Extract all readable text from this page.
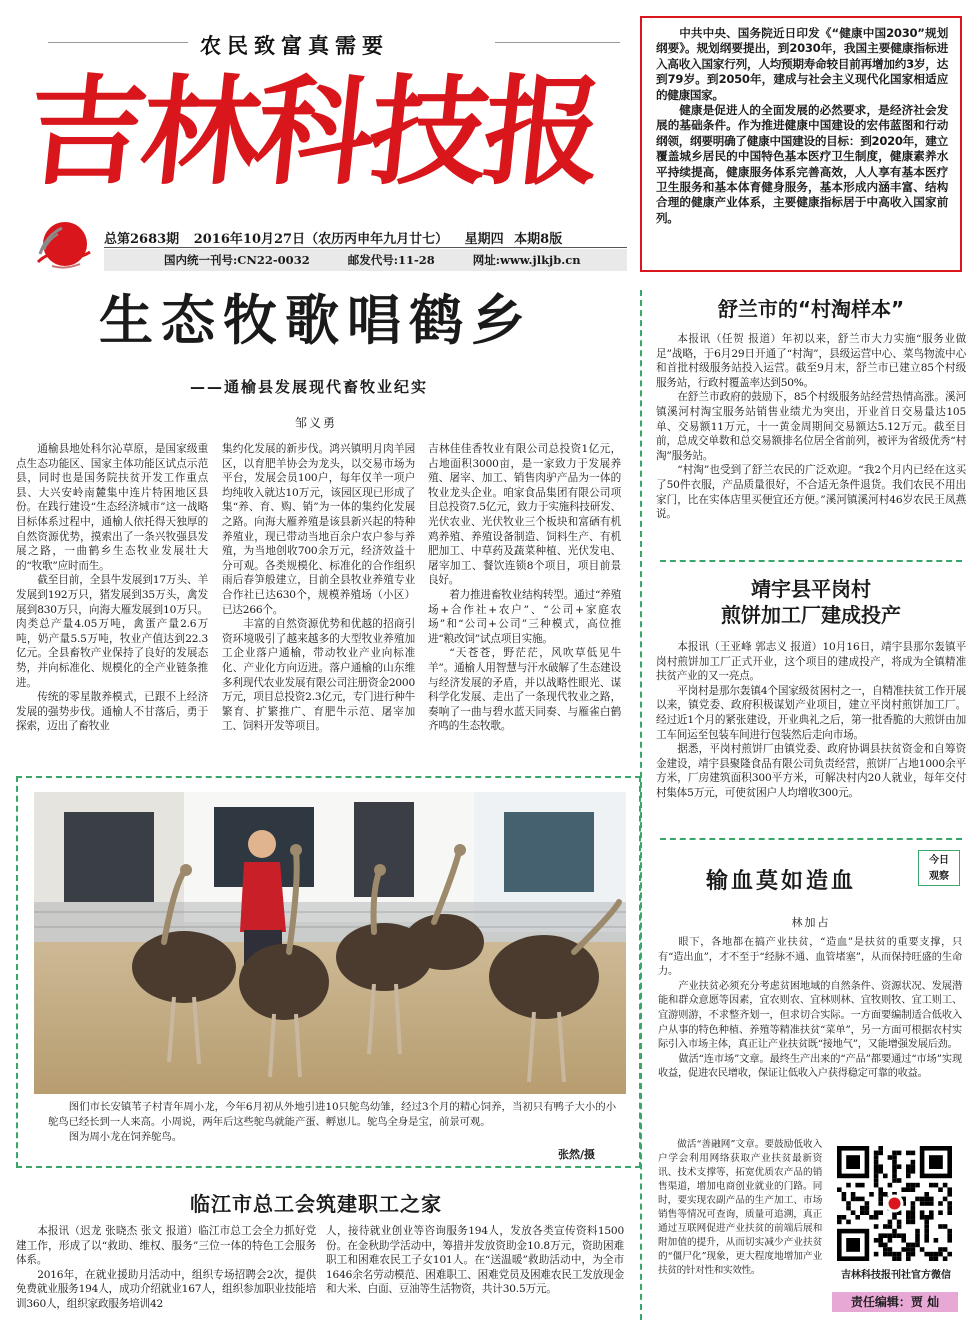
农民致富真需要
吉林科技报
总第2683期 2016年10月27日（农历丙申年九月廿七） 星期四 本期8版
国内统一刊号:CN22-0032	邮发代号:11-28	网址:www.jlkjb.cn
中共中央、国务院近日印发《“健康中国2030”规划纲要》。规划纲要提出，到2030年，我国主要健康指标进入高收入国家行列，人均预期寿命较目前再增加约3岁，达到79岁。到2050年，建成与社会主义现代化国家相适应的健康国家。
健康是促进人的全面发展的必然要求，是经济社会发展的基础条件。作为推进健康中国建设的宏伟蓝图和行动纲领，纲要明确了健康中国建设的目标：到2020年，建立覆盖城乡居民的中国特色基本医疗卫生制度，健康素养水平持续提高，健康服务体系完善高效，人人享有基本医疗卫生服务和基本体育健身服务，基本形成内涵丰富、结构合理的健康产业体系，主要健康指标居于中高收入国家前列。
生态牧歌唱鹤乡
——通榆县发展现代畜牧业纪实
邹义勇
通榆县地处科尔沁草原，是国家级重点生态功能区、国家主体功能区试点示范县，同时也是国务院扶贫开发工作重点县、大兴安岭南麓集中连片特困地区县份。在践行建设“生态经济城市”这一战略目标体系过程中，通榆人依托得天独厚的自然资源优势，摸索出了一条兴牧强县发展之路，一曲鹤乡生态牧业发展壮大的“牧歌”应时而生。
截至目前，全县牛发展到17万头、羊发展到192万只，猪发展到35万头，禽发展到830万只，向海大雁发展到10万只。肉类总产量4.05万吨，禽蛋产量2.6万吨，奶产量5.5万吨，牧业产值达到22.3亿元。全县畜牧产业保持了良好的发展态势，并向标准化、规模化的全产业链条推进。
传统的零星散养模式，已跟不上经济发展的强势步伐。通榆人不甘落后，勇于探索，迈出了畜牧业
集约化发展的新步伐。鸿兴镇明月肉羊园区，以育肥羊协会为龙头，以交易市场为平台，发展会员100户，每年仅羊一项户均纯收入就达10万元，该园区现已形成了集“养、育、购、销”为一体的集约化发展之路。向海大雁养殖是该县新兴起的特种养殖业，现已带动当地百余户农户参与养殖，为当地创收700余万元，经济效益十分可观。各类规模化、标准化的合作组织雨后春笋般建立，目前全县牧业养殖专业合作社已达630个，规模养殖场（小区）已达266个。
丰富的自然资源优势和优越的招商引资环境吸引了越来越多的大型牧业养殖加工企业落户通榆，带动牧业产业向标准化、产业化方向迈进。落户通榆的山东维多利现代农业发展有限公司注册资金2000万元，项目总投资2.3亿元，专门进行种牛繁育、扩繁推广、育肥牛示范、屠宰加工、饲料开发等项目。
吉林佳佳香牧业有限公司总投资1亿元，占地面积3000亩，是一家致力于发展养殖、屠宰、加工、销售肉驴产品为一体的牧业龙头企业。咱家食品集团有限公司项目总投资7.5亿元，致力于实施科技研发、光伏农业、光伏牧业三个板块和富硒有机鸡养殖、养殖设备制造、饲料生产、有机肥加工、中草药及蔬菜种植、光伏发电、屠宰加工、餐饮连锁8个项目，项目前景良好。
着力推进畜牧业结构转型。通过“养殖场+合作社+农户”、“公司+家庭农场”和“公司+公司”三种模式，高位推进“粮改饲”试点项目实施。
“天苍苍，野茫茫，风吹草低见牛羊”。通榆人用智慧与汗水破解了生态建设与经济发展的矛盾，并以战略性眼光、谋科学化发展、走出了一条现代牧业之路，奏响了一曲与碧水蓝天同奏、与雁雀白鹤齐鸣的生态牧歌。
图们市长安镇苇子村青年周小龙，今年6月初从外地引进10只鸵鸟幼雏，经过3个月的精心饲养，当初只有鸭子大小的小鸵鸟已经长到一人来高。小周说，两年后这些鸵鸟就能产蛋、孵崽儿。鸵鸟全身是宝，前景可观。
图为周小龙在饲养鸵鸟。
张然/摄
临江市总工会筑建职工之家
本报讯（迟龙 张晓杰 张文 报道）临江市总工会全力抓好党建工作，形成了以“救助、维权、服务”三位一体的特色工会服务体系。
2016年，在就业援助月活动中，组织专场招聘会2次，提供免费就业服务194人，成功介绍就业167人，组织参加职业技能培训360人，组织家政服务培训42
人，接待就业创业等咨询服务194人，发放各类宣传资料1500份。在金秋助学活动中，筹措并发放资助金10.8万元，资助困难职工和困难农民工子女101人。在“送温暖”救助活动中，为全市1646余名劳动模范、困难职工、困难党员及困难农民工发放现金和大米、白面、豆油等生活物资，共计30.5万元。
舒兰市的“村淘样本”
本报讯（任贺 报道）年初以来，舒兰市大力实施“服务业做足”战略，于6月29日开通了“村淘”，县级运营中心、菜鸟物流中心和首批村级服务站投入运营。截至9月末，舒兰市已建立85个村级服务站，行政村覆盖率达到50%。
在舒兰市政府的鼓励下，85个村级服务站经营热情高涨。溪河镇溪河村淘宝服务站销售业绩尤为突出，开业首日交易量达105单、交易额11万元，十一黄金周期间交易额达5.12万元。截至目前，总成交单数和总交易额排名位居全省前列，被评为省级优秀“村淘”服务站。
“村淘”也受到了舒兰农民的广泛欢迎。“我2个月内已经在这买了50件衣服，产品质量很好，不合适无条件退货。我们农民不用出家门，比在实体店里买便宜还方便。”溪河镇溪河村46岁农民王凤燕说。
靖宇县平岗村
煎饼加工厂建成投产
本报讯（王亚峰 郭志义 报道）10月16日，靖宇县那尔轰镇平岗村煎饼加工厂正式开业，这个项目的建成投产，将成为全镇精准扶贫产业的又一亮点。
平岗村是那尔轰镇4个国家级贫困村之一，自精准扶贫工作开展以来，镇党委、政府积极谋划产业项目，建立平岗村煎饼加工厂。经过近1个月的紧张建设，开业典礼之后，第一批香脆的大煎饼由加工车间运至包装车间进行包装然后走向市场。
据悉，平岗村煎饼厂由镇党委、政府协调县扶贫资金和自筹资金建设，靖宇县聚隆食品有限公司负责经营，煎饼厂占地1000余平方米，厂房建筑面积300平方米，可解决村内20人就业，每年交付村集体5万元，可使贫困户人均增收300元。
输血莫如造血
今日
观察
林加占
眼下，各地都在搞产业扶贫，“造血”是扶贫的重要支撑，只有“造出血”，才不至于“经脉不通、血管堵塞”，从而保持旺盛的生命力。
产业扶贫必须充分考虑贫困地域的自然条件、资源状况、发展潜能和群众意愿等因素，宜农则农、宜林则林、宜牧则牧、宜工则工、宜游则游，不求整齐划一，但求切合实际。一方面要编制适合低收入户从事的特色种植、养殖等精准扶贫“菜单”，另一方面可根据农村实际引入市场主体，真正让产业扶贫既“接地气”，又能增强发展后劲。
做活“连市场”文章。最终生产出来的“产品”都要通过“市场”实现收益，促进农民增收，保证让低收入户获得稳定可靠的收益。
做活“善融网”文章。要鼓励低收入户学会利用网络获取产业扶贫最新资讯、技术支撑等，拓宽优质农产品的销售渠道，增加电商创业就业的门路。同时，要实现农副产品的生产加工、市场销售等情况可查询，质量可追溯，真正通过互联网促进产业扶贫的前端后展和附加值的提升，从而切实减少产业扶贫的“僵尸化”现象，更大程度地增加产业扶贫的针对性和实效性。	吉林科技报刊社官方微信
责任编辑：贾 灿
